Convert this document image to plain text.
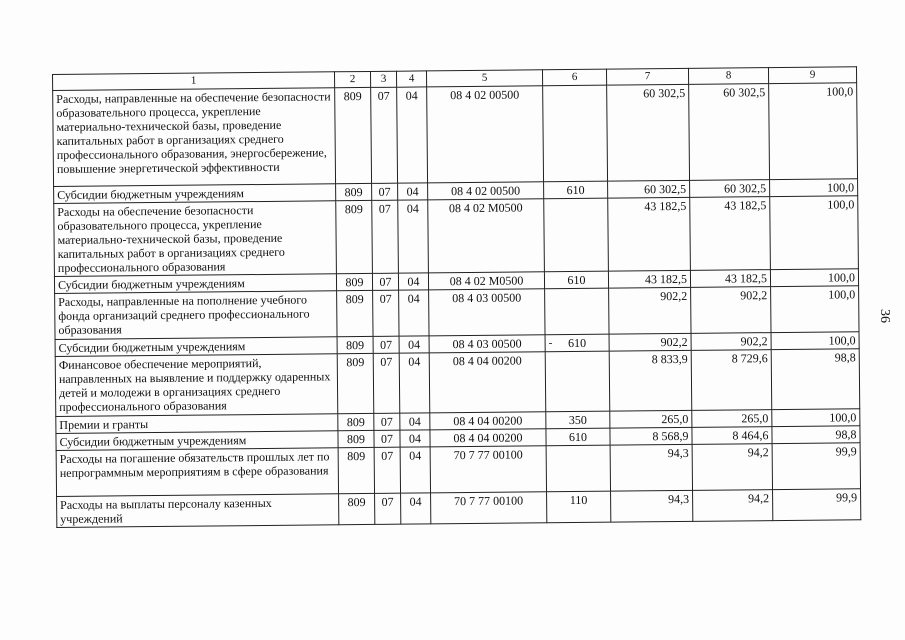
1	2	3	4	5	6	7	8	9
Расходы, направленные на обеспечение безопасности образовательного процесса, укрепление материально-технической базы, проведение капитальных работ в организациях среднего профессионального образования, энергосбережение, повышение энергетической эффективности	809	07	04	08 4 02 00500		60 302,5	60 302,5	100,0
Субсидии бюджетным учреждениям	809	07	04	08 4 02 00500	610	60 302,5	60 302,5	100,0
Расходы на обеспечение безопасности образовательного процесса, укрепление материально-технической базы, проведение капитальных работ в организациях среднего профессионального образования	809	07	04	08 4 02 М0500		43 182,5	43 182,5	100,0
Субсидии бюджетным учреждениям	809	07	04	08 4 02 М0500	610	43 182,5	43 182,5	100,0
Расходы, направленные на пополнение учебного фонда организаций среднего профессионального образования	809	07	04	08 4 03 00500		902,2	902,2	100,0
Субсидии бюджетным учреждениям	809	07	04	08 4 03 00500	610	902,2	902,2	100,0
Финансовое обеспечение мероприятий, направленных на выявление и поддержку одаренных детей и молодежи в организациях среднего профессионального образования	809	07	04	08 4 04 00200		8 833,9	8 729,6	98,8
Премии и гранты	809	07	04	08 4 04 00200	350	265,0	265,0	100,0
Субсидии бюджетным учреждениям	809	07	04	08 4 04 00200	610	8 568,9	8 464,6	98,8
Расходы на погашение обязательств прошлых лет по непрограммным мероприятиям в сфере образования	809	07	04	70 7 77 00100		94,3	94,2	99,9
Расходы на выплаты персоналу казенных учреждений	809	07	04	70 7 77 00100	110	94,3	94,2	99,9
36
